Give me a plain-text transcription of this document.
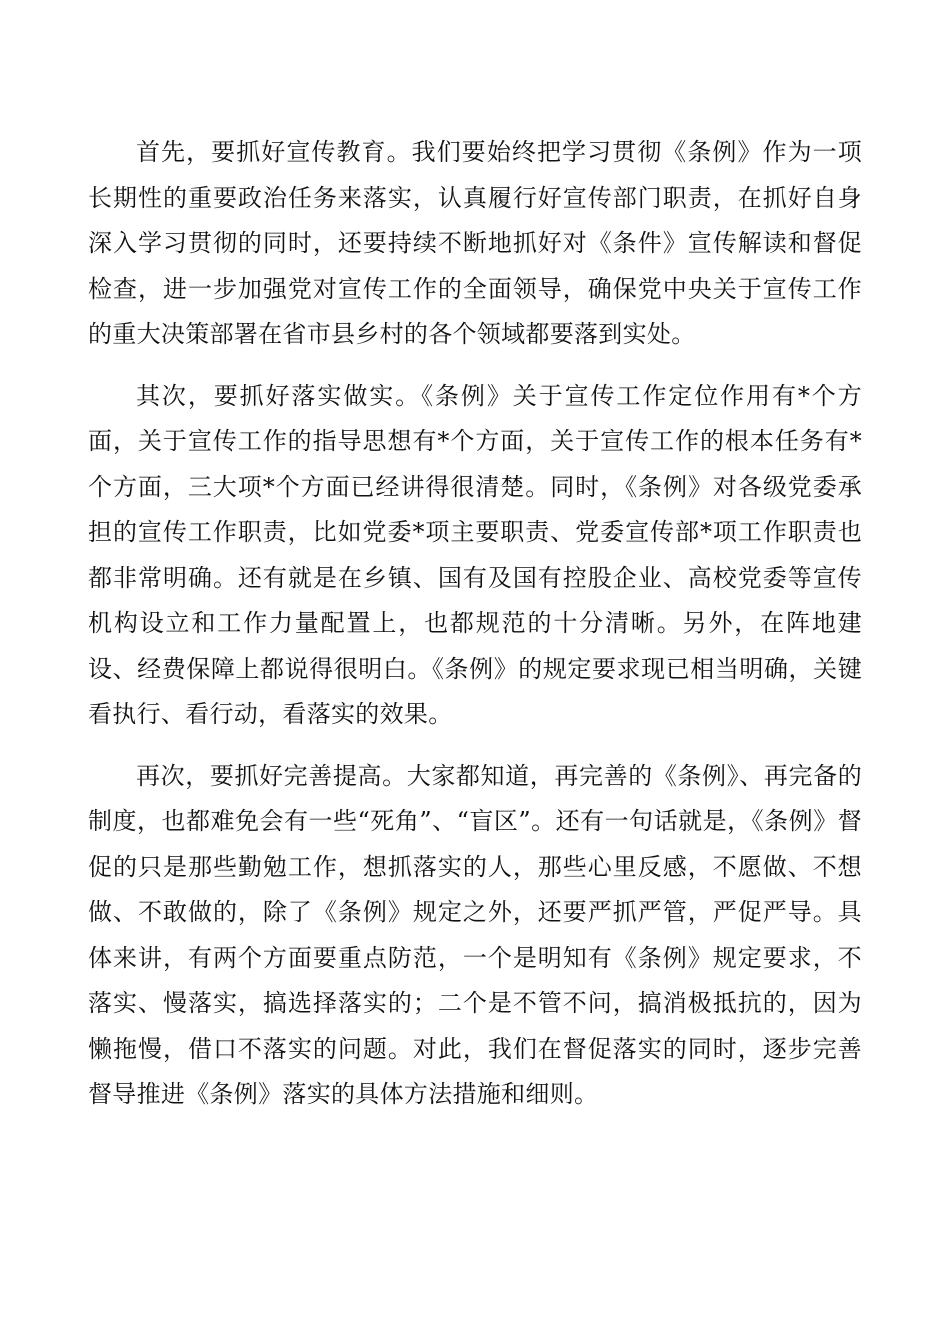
首先，要抓好宣传教育。我们要始终把学习贯彻《条例》作为一项长期性的重要政治任务来落实，认真履行好宣传部门职责，在抓好自身深入学习贯彻的同时，还要持续不断地抓好对《条件》宣传解读和督促检查，进一步加强党对宣传工作的全面领导，确保党中央关于宣传工作的重大决策部署在省市县乡村的各个领域都要落到实处。

其次，要抓好落实做实。《条例》关于宣传工作定位作用有*个方面，关于宣传工作的指导思想有*个方面，关于宣传工作的根本任务有*个方面，三大项*个方面已经讲得很清楚。同时，《条例》对各级党委承担的宣传工作职责，比如党委*项主要职责、党委宣传部*项工作职责也都非常明确。还有就是在乡镇、国有及国有控股企业、高校党委等宣传机构设立和工作力量配置上，也都规范的十分清晰。另外，在阵地建设、经费保障上都说得很明白。《条例》的规定要求现已相当明确，关键看执行、看行动，看落实的效果。

再次，要抓好完善提高。大家都知道，再完善的《条例》、再完备的制度，也都难免会有一些“死角”、“盲区”。还有一句话就是，《条例》督促的只是那些勤勉工作，想抓落实的人，那些心里反感，不愿做、不想做、不敢做的，除了《条例》规定之外，还要严抓严管，严促严导。具体来讲，有两个方面要重点防范，一个是明知有《条例》规定要求，不落实、慢落实，搞选择落实的；二个是不管不问，搞消极抵抗的，因为懒拖慢，借口不落实的问题。对此，我们在督促落实的同时，逐步完善督导推进《条例》落实的具体方法措施和细则。
